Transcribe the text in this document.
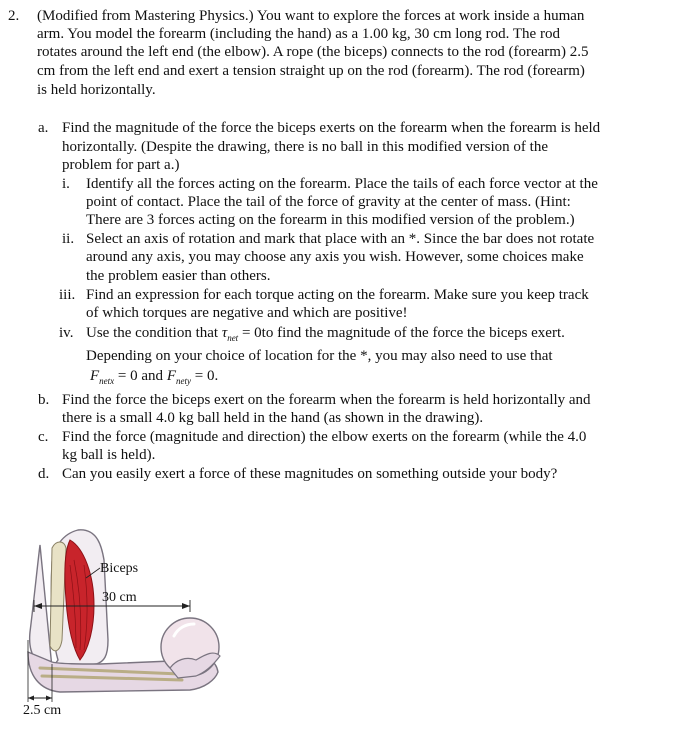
2. (Modified from Mastering Physics.) You want to explore the forces at work inside a human
arm. You model the forearm (including the hand) as a 1.00 kg, 30 cm long rod. The rod
rotates around the left end (the elbow). A rope (the biceps) connects to the rod (forearm) 2.5
cm from the left end and exert a tension straight up on the rod (forearm). The rod (forearm)
is held horizontally.
a. Find the magnitude of the force the biceps exerts on the forearm when the forearm is held
horizontally. (Despite the drawing, there is no ball in this modified version of the
problem for part a.)
i. Identify all the forces acting on the forearm. Place the tails of each force vector at the
point of contact. Place the tail of the force of gravity at the center of mass. (Hint:
There are 3 forces acting on the forearm in this modified version of the problem.)
ii. Select an axis of rotation and mark that place with an *. Since the bar does not rotate
around any axis, you may choose any axis you wish. However, some choices make
the problem easier than others.
iii. Find an expression for each torque acting on the forearm. Make sure you keep track
of which torques are negative and which are positive!
iv. Use the condition that $\tau_{net} = 0to$ find the magnitude of the force the biceps exert.
Depending on your choice of location for the *, you may also need to use that
$F_{netx} = 0$ and $F_{nety} = 0$.
b. Find the force the biceps exert on the forearm when the forearm is held horizontally and
there is a small 4.0 kg ball held in the hand (as shown in the drawing).
c. Find the force (magnitude and direction) the elbow exerts on the forearm (while the 4.0
kg ball is held).
d. Can you easily exert a force of these magnitudes on something outside your body?
Biceps
30 cm
2.5 cm
